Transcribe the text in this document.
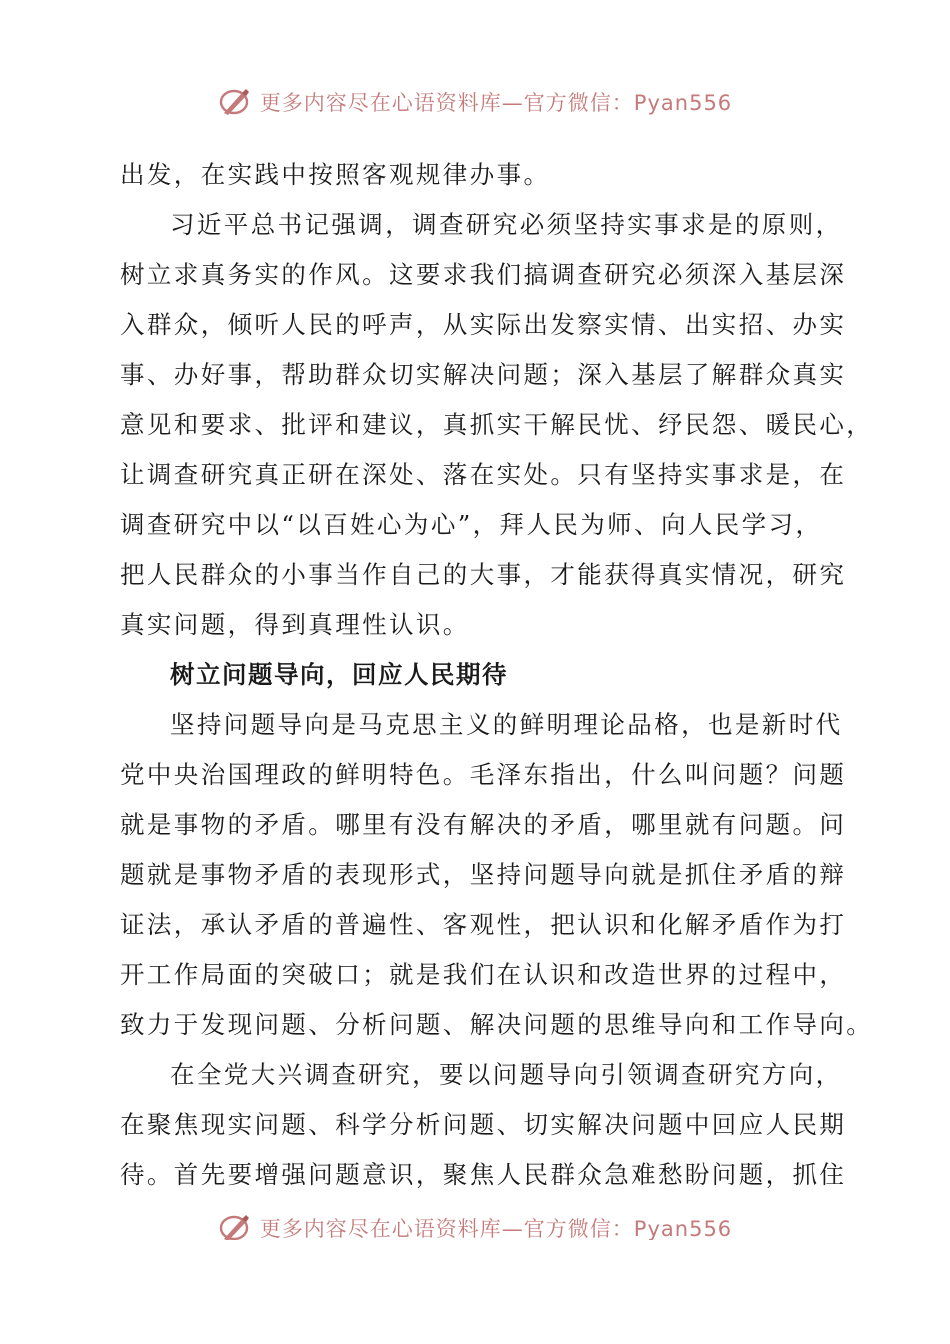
更多内容尽在心语资料库—官方微信：Pyan556
出发，在实践中按照客观规律办事。
习近平总书记强调，调查研究必须坚持实事求是的原则，
树立求真务实的作风。这要求我们搞调查研究必须深入基层深
入群众，倾听人民的呼声，从实际出发察实情、出实招、办实
事、办好事，帮助群众切实解决问题；深入基层了解群众真实
意见和要求、批评和建议，真抓实干解民忧、纾民怨、暖民心，
让调查研究真正研在深处、落在实处。只有坚持实事求是，在
调查研究中以“以百姓心为心”，拜人民为师、向人民学习，
把人民群众的小事当作自己的大事，才能获得真实情况，研究
真实问题，得到真理性认识。
树立问题导向，回应人民期待
坚持问题导向是马克思主义的鲜明理论品格，也是新时代
党中央治国理政的鲜明特色。毛泽东指出，什么叫问题？问题
就是事物的矛盾。哪里有没有解决的矛盾，哪里就有问题。问
题就是事物矛盾的表现形式，坚持问题导向就是抓住矛盾的辩
证法，承认矛盾的普遍性、客观性，把认识和化解矛盾作为打
开工作局面的突破口；就是我们在认识和改造世界的过程中，
致力于发现问题、分析问题、解决问题的思维导向和工作导向。
在全党大兴调查研究，要以问题导向引领调查研究方向，
在聚焦现实问题、科学分析问题、切实解决问题中回应人民期
待。首先要增强问题意识，聚焦人民群众急难愁盼问题，抓住
更多内容尽在心语资料库—官方微信：Pyan556
